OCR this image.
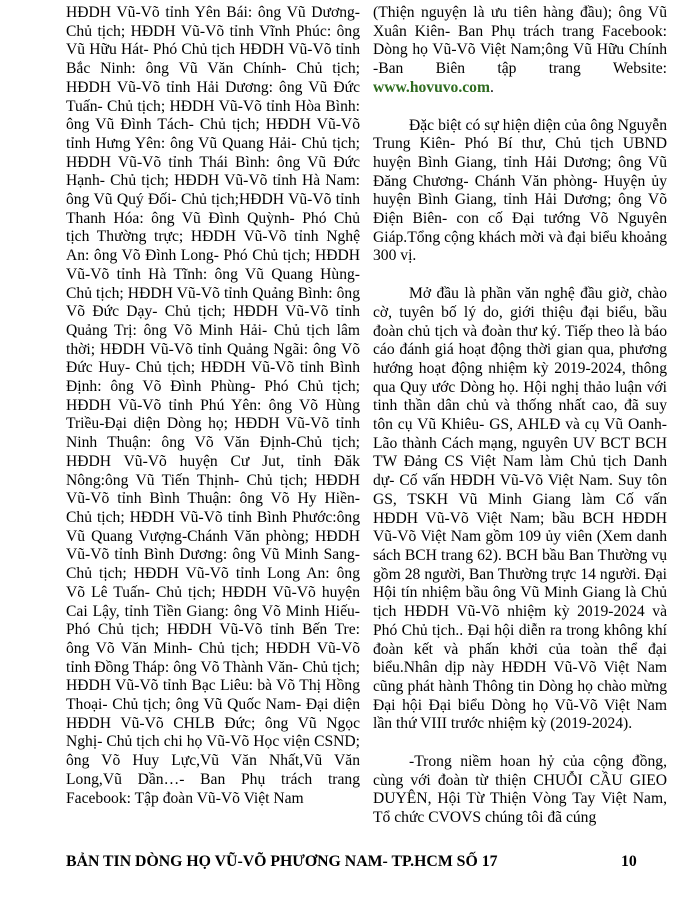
HĐDH Vũ-Võ tỉnh Yên Bái: ông Vũ Dương- Chủ tịch; HĐDH Vũ-Võ tỉnh Vĩnh Phúc: ông Vũ Hữu Hát- Phó Chủ tịch HĐDH Vũ-Võ tỉnh Bắc Ninh: ông Vũ Văn Chính- Chủ tịch; HĐDH Vũ-Võ tỉnh Hải Dương: ông Vũ Đức Tuấn- Chủ tịch; HĐDH Vũ-Võ tỉnh Hòa Bình: ông Vũ Đình Tách- Chủ tịch; HĐDH Vũ-Võ tỉnh Hưng Yên: ông Vũ Quang Hải- Chủ tịch; HĐDH Vũ-Võ tỉnh Thái Bình: ông Vũ Đức Hạnh- Chủ tịch; HĐDH Vũ-Võ tỉnh Hà Nam: ông Vũ Quý Đối- Chủ tịch;HĐDH Vũ-Võ tỉnh Thanh Hóa: ông Vũ Đình Quỳnh- Phó Chủ tịch Thường trực; HĐDH Vũ-Võ tỉnh Nghệ An: ông Võ Đình Long- Phó Chủ tịch; HĐDH Vũ-Võ tỉnh Hà Tĩnh: ông Vũ Quang Hùng- Chủ tịch; HĐDH Vũ-Võ tỉnh Quảng Bình: ông Võ Đức Dạy- Chủ tịch; HĐDH Vũ-Võ tỉnh Quảng Trị: ông Võ Minh Hải- Chủ tịch lâm thời; HĐDH Vũ-Võ tỉnh Quảng Ngãi: ông Võ Đức Huy- Chủ tịch; HĐDH Vũ-Võ tỉnh Bình Định: ông Võ Đình Phùng- Phó Chủ tịch; HĐDH Vũ-Võ tỉnh Phú Yên: ông Võ Hùng Triều-Đại diện Dòng họ; HĐDH Vũ-Võ tỉnh Ninh Thuận: ông Võ Văn Định-Chủ tịch; HĐDH Vũ-Võ huyện Cư Jut, tỉnh Đăk Nông:ông Vũ Tiến Thịnh- Chủ tịch; HĐDH Vũ-Võ tỉnh Bình Thuận: ông Võ Hy Hiền- Chủ tịch; HĐDH Vũ-Võ tỉnh Bình Phước:ông Vũ Quang Vượng-Chánh Văn phòng; HĐDH Vũ-Võ tỉnh Bình Dương: ông Vũ Minh Sang- Chủ tịch; HĐDH Vũ-Võ tỉnh Long An: ông Võ Lê Tuấn- Chủ tịch; HĐDH Vũ-Võ huyện Cai Lậy, tỉnh Tiền Giang: ông Võ Minh Hiếu- Phó Chủ tịch; HĐDH Vũ-Võ tỉnh Bến Tre: ông Võ Văn Minh- Chủ tịch; HĐDH Vũ-Võ tỉnh Đồng Tháp: ông Võ Thành Văn- Chủ tịch; HĐDH Vũ-Võ tỉnh Bạc Liêu: bà Võ Thị Hồng Thoại- Chủ tịch; ông Vũ Quốc Nam- Đại diện HĐDH Vũ-Võ CHLB Đức; ông Vũ Ngọc Nghị- Chủ tịch chi họ Vũ-Võ Học viện CSND; ông Võ Huy Lực,Vũ Văn Nhất,Vũ Văn Long,Vũ Dần…- Ban Phụ trách trang Facebook: Tập đoàn Vũ-Võ Việt Nam

(Thiện nguyện là ưu tiên hàng đầu); ông Vũ Xuân Kiên- Ban Phụ trách trang Facebook: Dòng họ Vũ-Võ Việt Nam;ông Vũ Hữu Chính -Ban Biên tập trang Website: www.hovuvo.com.

Đặc biệt có sự hiện diện của ông Nguyễn Trung Kiên- Phó Bí thư, Chủ tịch UBND huyện Bình Giang, tỉnh Hải Dương; ông Vũ Đăng Chương- Chánh Văn phòng- Huyện ủy huyện Bình Giang, tỉnh Hải Dương; ông Võ Điện Biên- con cố Đại tướng Võ Nguyên Giáp.Tổng cộng khách mời và đại biểu khoảng 300 vị.

Mở đầu là phần văn nghệ đầu giờ, chào cờ, tuyên bố lý do, giới thiệu đại biểu, bầu đoàn chủ tịch và đoàn thư ký. Tiếp theo là báo cáo đánh giá hoạt động thời gian qua, phương hướng hoạt động nhiệm kỳ 2019-2024, thông qua Quy ước Dòng họ. Hội nghị thảo luận với tinh thần dân chủ và thống nhất cao, đã suy tôn cụ Vũ Khiêu- GS, AHLĐ và cụ Vũ Oanh- Lão thành Cách mạng, nguyên UV BCT BCH TW Đảng CS Việt Nam làm Chủ tịch Danh dự- Cố vấn HĐDH Vũ-Võ Việt Nam. Suy tôn GS, TSKH Vũ Minh Giang làm Cố vấn HĐDH Vũ-Võ Việt Nam; bầu BCH HĐDH Vũ-Võ Việt Nam gồm 109 ủy viên (Xem danh sách BCH trang 62). BCH bầu Ban Thường vụ gồm 28 người, Ban Thường trực 14 người. Đại Hội tín nhiệm bầu ông Vũ Minh Giang là Chủ tịch HĐDH Vũ-Võ nhiệm kỳ 2019-2024 và Phó Chủ tịch.. Đại hội diễn ra trong không khí đoàn kết và phấn khởi của toàn thể đại biểu.Nhân dịp này HĐDH Vũ-Võ Việt Nam cũng phát hành Thông tin Dòng họ chào mừng Đại hội Đại biểu Dòng họ Vũ-Võ Việt Nam lần thứ VIII trước nhiệm kỳ (2019-2024).

-Trong niềm hoan hỷ của cộng đồng, cùng với đoàn từ thiện CHUỖI CẦU GIEO DUYÊN, Hội Từ Thiện Vòng Tay Việt Nam, Tổ chức CVOVS chúng tôi đã cúng

BẢN TIN DÒNG HỌ VŨ-VÕ PHƯƠNG NAM- TP.HCM SỐ 17	10
